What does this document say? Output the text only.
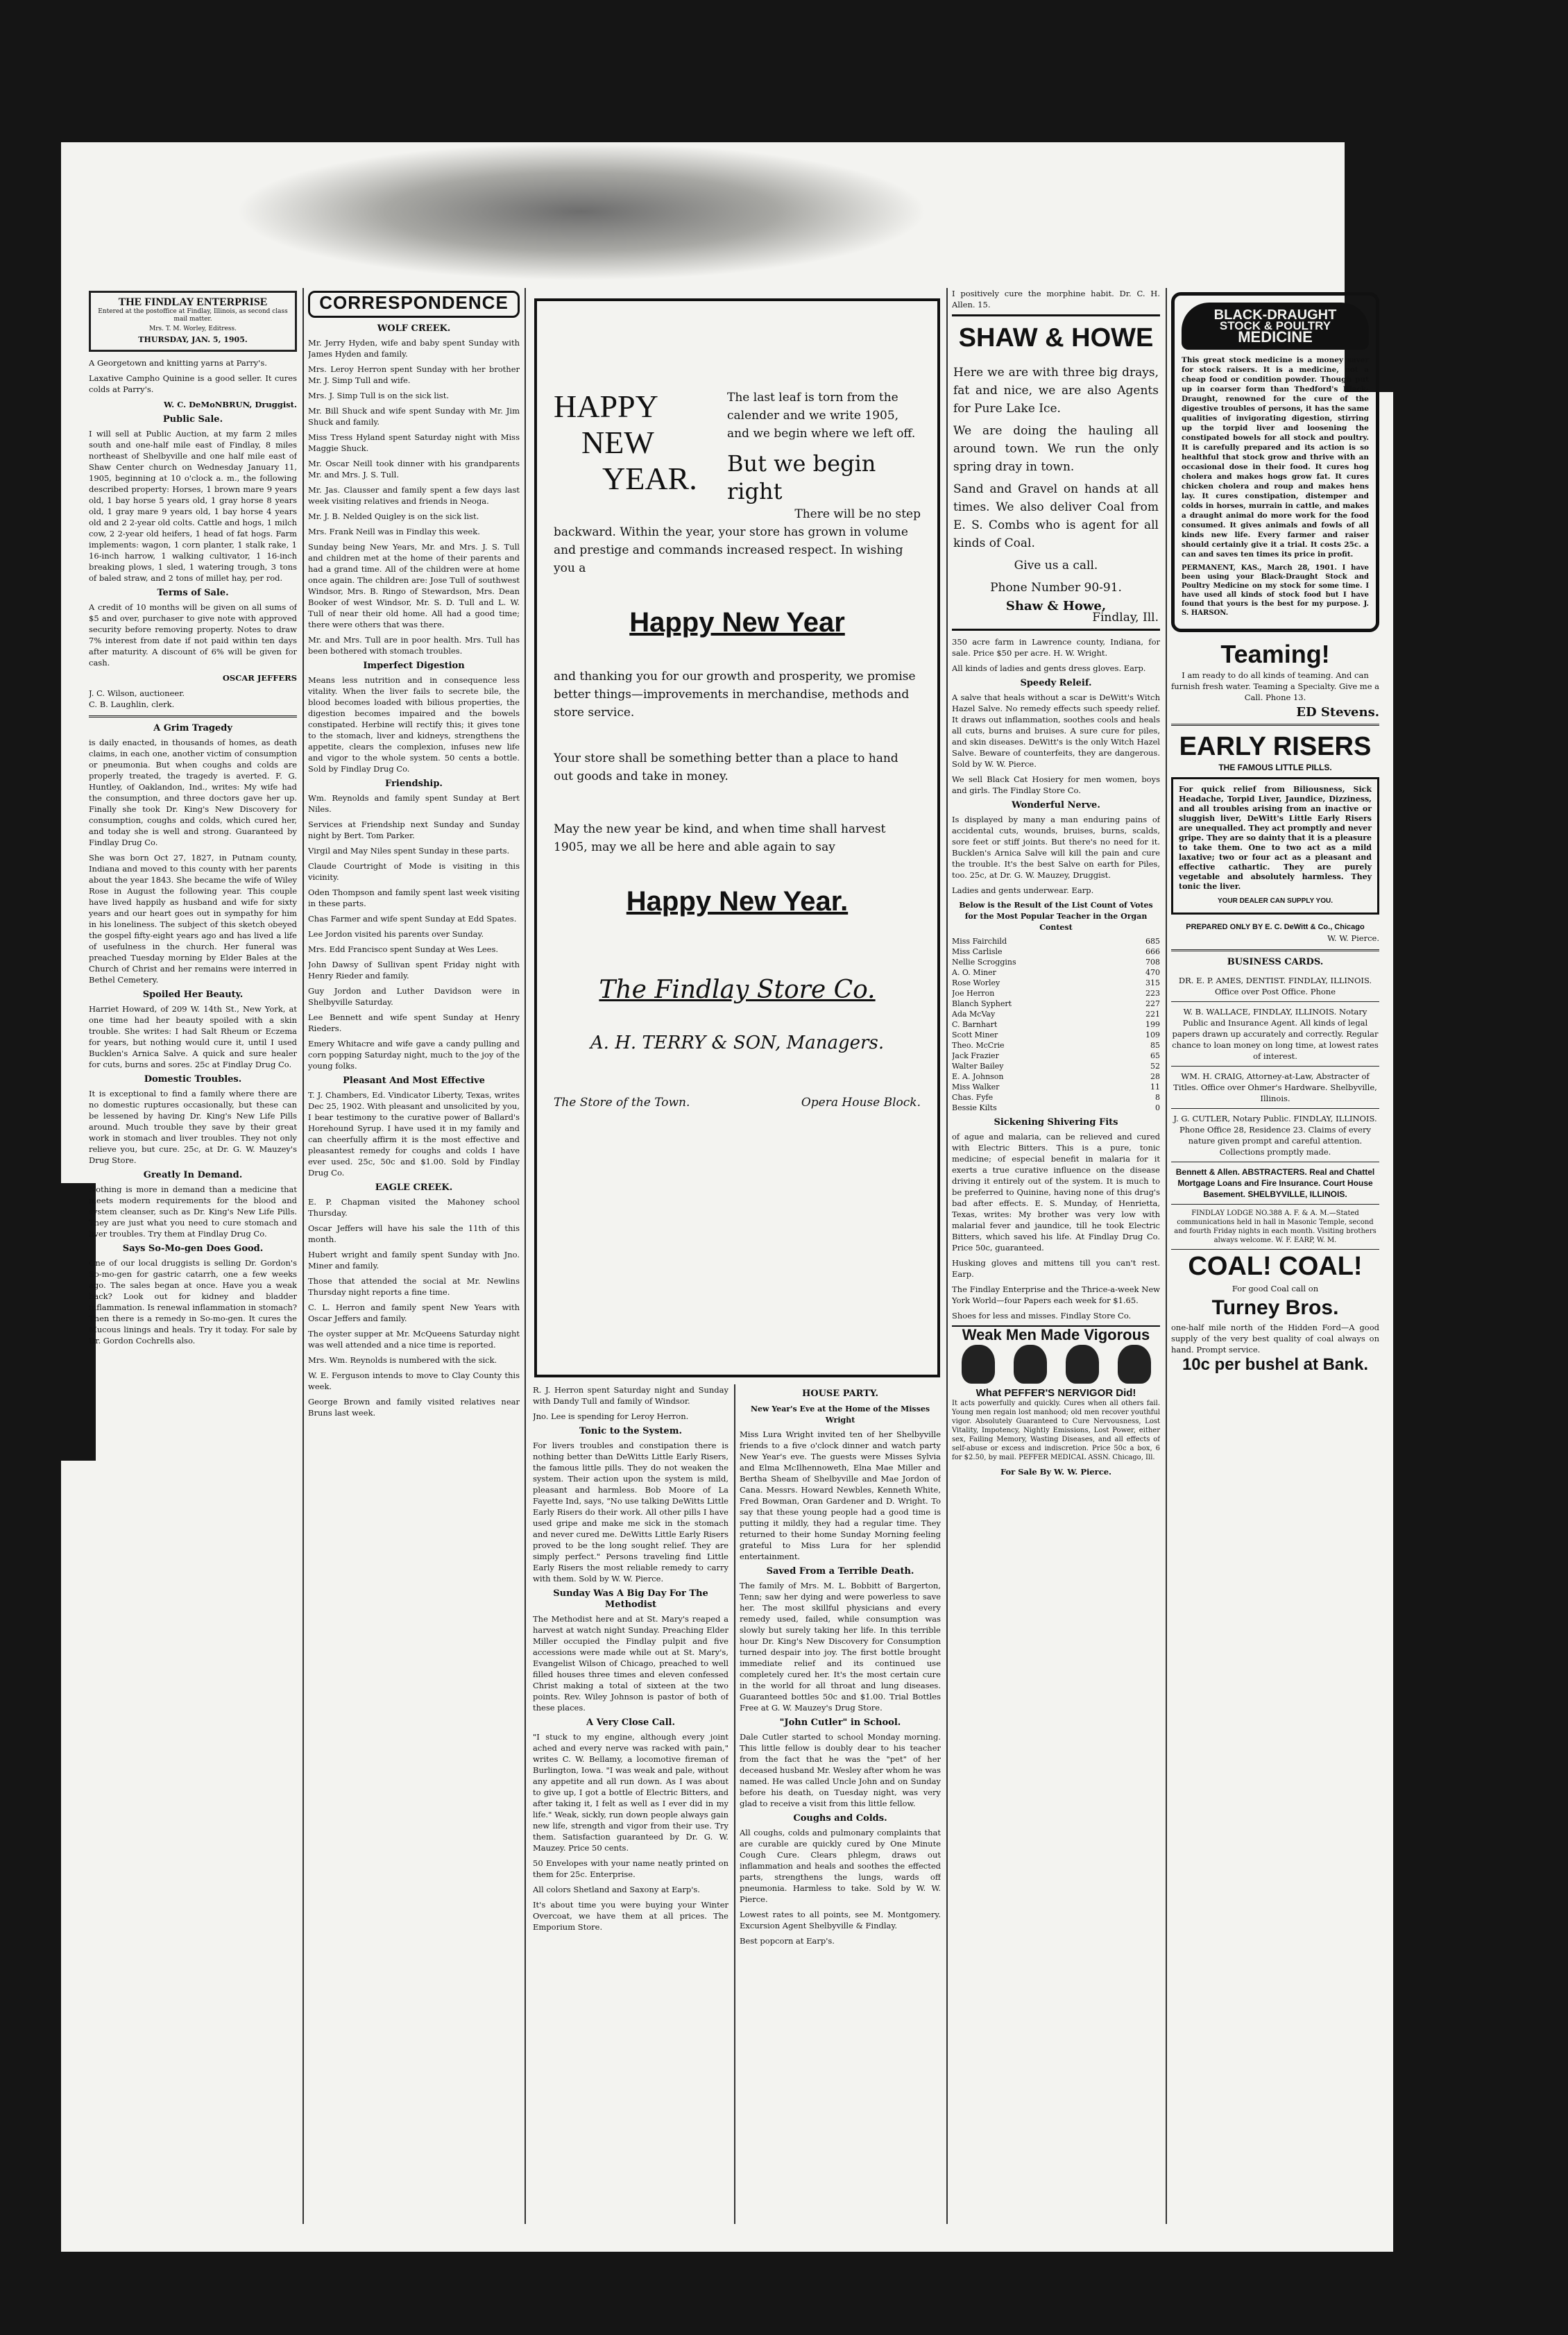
THE FINDLAY ENTERPRISE
Entered at the postoffice at Findlay, Illinois, as second class mail matter.
Mrs. T. M. Worley, Editress.
THURSDAY, JAN. 5, 1905.

A Georgetown and knitting yarns at Parry's.

Laxative Campho Quinine is a good seller. It cures colds at Parry's.

W. C. DeMoNBRUN, Druggist.

Public Sale.

I will sell at Public Auction, at my farm 2 miles south and one-half mile east of Findlay, 8 miles northeast of Shelbyville and one half mile east of Shaw Center church on Wednesday January 11, 1905, beginning at 10 o'clock a. m., the following described property: Horses, 1 brown mare 9 years old, 1 bay horse 5 years old, 1 gray horse 8 years old, 1 gray mare 9 years old, 1 bay horse 4 years old and 2 2-year old colts. Cattle and hogs, 1 milch cow, 2 2-year old heifers, 1 head of fat hogs. Farm implements: wagon, 1 corn planter, 1 stalk rake, 1 16-inch harrow, 1 walking cultivator, 1 16-inch breaking plows, 1 sled, 1 watering trough, 3 tons of baled straw, and 2 tons of millet hay, per rod.

Terms of Sale.

A credit of 10 months will be given on all sums of $5 and over, purchaser to give note with approved security before removing property. Notes to draw 7% interest from date if not paid within ten days after maturity. A discount of 6% will be given for cash.

OSCAR JEFFERS

J. C. Wilson, auctioneer.

C. B. Laughlin, clerk.

A Grim Tragedy

is daily enacted, in thousands of homes, as death claims, in each one, another victim of consumption or pneumonia. But when coughs and colds are properly treated, the tragedy is averted. F. G. Huntley, of Oaklandon, Ind., writes: My wife had the consumption, and three doctors gave her up. Finally she took Dr. King's New Discovery for consumption, coughs and colds, which cured her, and today she is well and strong. Guaranteed by Findlay Drug Co.

She was born Oct 27, 1827, in Putnam county, Indiana and moved to this county with her parents about the year 1843. She became the wife of Wiley Rose in August the following year. This couple have lived happily as husband and wife for sixty years and our heart goes out in sympathy for him in his loneliness. The subject of this sketch obeyed the gospel fifty-eight years ago and has lived a life of usefulness in the church. Her funeral was preached Tuesday morning by Elder Bales at the Church of Christ and her remains were interred in Bethel Cemetery.

Spoiled Her Beauty.

Harriet Howard, of 209 W. 14th St., New York, at one time had her beauty spoiled with a skin trouble. She writes: I had Salt Rheum or Eczema for years, but nothing would cure it, until I used Bucklen's Arnica Salve. A quick and sure healer for cuts, burns and sores. 25c at Findlay Drug Co.

Domestic Troubles.

It is exceptional to find a family where there are no domestic ruptures occasionally, but these can be lessened by having Dr. King's New Life Pills around. Much trouble they save by their great work in stomach and liver troubles. They not only relieve you, but cure. 25c, at Dr. G. W. Mauzey's Drug Store.

Greatly In Demand.

Nothing is more in demand than a medicine that meets modern requirements for the blood and system cleanser, such as Dr. King's New Life Pills. They are just what you need to cure stomach and liver troubles. Try them at Findlay Drug Co.

Says So-Mo-gen Does Good.

One of our local druggists is selling Dr. Gordon's So-mo-gen for gastric catarrh, one a few weeks ago. The sales began at once. Have you a weak back? Look out for kidney and bladder inflammation. Is renewal inflammation in stomach? Then there is a remedy in So-mo-gen. It cures the Mucous linings and heals. Try it today. For sale by Dr. Gordon Cochrells also.

CORRESPONDENCE
WOLF CREEK.

Mr. Jerry Hyden, wife and baby spent Sunday with James Hyden and family.

Mrs. Leroy Herron spent Sunday with her brother Mr. J. Simp Tull and wife.

Mrs. J. Simp Tull is on the sick list.

Mr. Bill Shuck and wife spent Sunday with Mr. Jim Shuck and family.

Miss Tress Hyland spent Saturday night with Miss Maggie Shuck.

Mr. Oscar Neill took dinner with his grandparents Mr. and Mrs. J. S. Tull.

Mr. Jas. Clausser and family spent a few days last week visiting relatives and friends in Neoga.

Mr. J. B. Nelded Quigley is on the sick list.

Mrs. Frank Neill was in Findlay this week.

Sunday being New Years, Mr. and Mrs. J. S. Tull and children met at the home of their parents and had a grand time. All of the children were at home once again. The children are: Jose Tull of southwest Windsor, Mrs. B. Ringo of Stewardson, Mrs. Dean Booker of west Windsor, Mr. S. D. Tull and L. W. Tull of near their old home. All had a good time; there were others that was there.

Mr. and Mrs. Tull are in poor health. Mrs. Tull has been bothered with stomach troubles.

Imperfect Digestion

Means less nutrition and in consequence less vitality. When the liver fails to secrete bile, the blood becomes loaded with bilious properties, the digestion becomes impaired and the bowels constipated. Herbine will rectify this; it gives tone to the stomach, liver and kidneys, strengthens the appetite, clears the complexion, infuses new life and vigor to the whole system. 50 cents a bottle. Sold by Findlay Drug Co.

Friendship.

Wm. Reynolds and family spent Sunday at Bert Niles.

Services at Friendship next Sunday and Sunday night by Bert. Tom Parker.

Virgil and May Niles spent Sunday in these parts.

Claude Courtright of Mode is visiting in this vicinity.

Oden Thompson and family spent last week visiting in these parts.

Chas Farmer and wife spent Sunday at Edd Spates.

Lee Jordon visited his parents over Sunday.

Mrs. Edd Francisco spent Sunday at Wes Lees.

John Dawsy of Sullivan spent Friday night with Henry Rieder and family.

Guy Jordon and Luther Davidson were in Shelbyville Saturday.

Lee Bennett and wife spent Sunday at Henry Rieders.

Emery Whitacre and wife gave a candy pulling and corn popping Saturday night, much to the joy of the young folks.

Pleasant And Most Effective

T. J. Chambers, Ed. Vindicator Liberty, Texas, writes Dec 25, 1902. With pleasant and unsolicited by you, I bear testimony to the curative power of Ballard's Horehound Syrup. I have used it in my family and can cheerfully affirm it is the most effective and pleasantest remedy for coughs and colds I have ever used. 25c, 50c and $1.00. Sold by Findlay Drug Co.

EAGLE CREEK.

E. P. Chapman visited the Mahoney school Thursday.

Oscar Jeffers will have his sale the 11th of this month.

Hubert wright and family spent Sunday with Jno. Miner and family.

Those that attended the social at Mr. Newlins Thursday night reports a fine time.

C. L. Herron and family spent New Years with Oscar Jeffers and family.

The oyster supper at Mr. McQueens Saturday night was well attended and a nice time is reported.

Mrs. Wm. Reynolds is numbered with the sick.

W. E. Ferguson intends to move to Clay County this week.

George Brown and family visited relatives near Bruns last week.

HAPPY
NEW
YEAR.

The last leaf is torn from the calender and we write 1905, and we begin where we left off.

But we begin right
There will be no step

backward. Within the year, your store has grown in volume and prestige and commands increased respect. In wishing you a

Happy New Year

and thanking you for our growth and prosperity, we promise better things—improvements in merchandise, methods and store service.

Your store shall be something better than a place to hand out goods and take in money.

May the new year be kind, and when time shall harvest 1905, may we all be here and able again to say

Happy New Year.
The Findlay Store Co.
A. H. TERRY & SON, Managers.
The Store of the Town.	Opera House Block.

R. J. Herron spent Saturday night and Sunday with Dandy Tull and family of Windsor.

Jno. Lee is spending for Leroy Herron.

Tonic to the System.

For livers troubles and constipation there is nothing better than DeWitts Little Early Risers, the famous little pills. They do not weaken the system. Their action upon the system is mild, pleasant and harmless. Bob Moore of La Fayette Ind, says, "No use talking DeWitts Little Early Risers do their work. All other pills I have used gripe and make me sick in the stomach and never cured me. DeWitts Little Early Risers proved to be the long sought relief. They are simply perfect." Persons traveling find Little Early Risers the most reliable remedy to carry with them. Sold by W. W. Pierce.

Sunday Was A Big Day For The Methodist

The Methodist here and at St. Mary's reaped a harvest at watch night Sunday. Preaching Elder Miller occupied the Findlay pulpit and five accessions were made while out at St. Mary's, Evangelist Wilson of Chicago, preached to well filled houses three times and eleven confessed Christ making a total of sixteen at the two points. Rev. Wiley Johnson is pastor of both of these places.

A Very Close Call.

"I stuck to my engine, although every joint ached and every nerve was racked with pain," writes C. W. Bellamy, a locomotive fireman of Burlington, Iowa. "I was weak and pale, without any appetite and all run down. As I was about to give up, I got a bottle of Electric Bitters, and after taking it, I felt as well as I ever did in my life." Weak, sickly, run down people always gain new life, strength and vigor from their use. Try them. Satisfaction guaranteed by Dr. G. W. Mauzey. Price 50 cents.

50 Envelopes with your name neatly printed on them for 25c. Enterprise.

All colors Shetland and Saxony at Earp's.

It's about time you were buying your Winter Overcoat, we have them at all prices. The Emporium Store.

HOUSE PARTY.
New Year's Eve at the Home of the Misses Wright

Miss Lura Wright invited ten of her Shelbyville friends to a five o'clock dinner and watch party New Year's eve. The guests were Misses Sylvia and Elma McIlhennoweth, Elna Mae Miller and Bertha Sheam of Shelbyville and Mae Jordon of Cana. Messrs. Howard Newbles, Kenneth White, Fred Bowman, Oran Gardener and D. Wright. To say that these young people had a good time is putting it mildly, they had a regular time. They returned to their home Sunday Morning feeling grateful to Miss Lura for her splendid entertainment.

Saved From a Terrible Death.

The family of Mrs. M. L. Bobbitt of Bargerton, Tenn; saw her dying and were powerless to save her. The most skillful physicians and every remedy used, failed, while consumption was slowly but surely taking her life. In this terrible hour Dr. King's New Discovery for Consumption turned despair into joy. The first bottle brought immediate relief and its continued use completely cured her. It's the most certain cure in the world for all throat and lung diseases. Guaranteed bottles 50c and $1.00. Trial Bottles Free at G. W. Mauzey's Drug Store.

"John Cutler" in School.

Dale Cutler started to school Monday morning. This little fellow is doubly dear to his teacher from the fact that he was the "pet" of her deceased husband Mr. Wesley after whom he was named. He was called Uncle John and on Sunday before his death, on Tuesday night, was very glad to receive a visit from this little fellow.

Coughs and Colds.

All coughs, colds and pulmonary complaints that are curable are quickly cured by One Minute Cough Cure. Clears phlegm, draws out inflammation and heals and soothes the effected parts, strengthens the lungs, wards off pneumonia. Harmless to take. Sold by W. W. Pierce.

Lowest rates to all points, see M. Montgomery. Excursion Agent Shelbyville & Findlay.

Best popcorn at Earp's.

I positively cure the morphine habit. Dr. C. H. Allen. 15.

SHAW & HOWE

Here we are with three big drays, fat and nice, we are also Agents for Pure Lake Ice.

We are doing the hauling all around town. We run the only spring dray in town.

Sand and Gravel on hands at all times. We also deliver Coal from E. S. Combs who is agent for all kinds of Coal.

Give us a call.

Phone Number 90-91.

Shaw & Howe,
Findlay, Ill.

350 acre farm in Lawrence county, Indiana, for sale. Price $50 per acre. H. W. Wright.

All kinds of ladies and gents dress gloves. Earp.

Speedy Releif.

A salve that heals without a scar is DeWitt's Witch Hazel Salve. No remedy effects such speedy relief. It draws out inflammation, soothes cools and heals all cuts, burns and bruises. A sure cure for piles, and skin diseases. DeWitt's is the only Witch Hazel Salve. Beware of counterfeits, they are dangerous. Sold by W. W. Pierce.

We sell Black Cat Hosiery for men women, boys and girls. The Findlay Store Co.

Wonderful Nerve.

Is displayed by many a man enduring pains of accidental cuts, wounds, bruises, burns, scalds, sore feet or stiff joints. But there's no need for it. Bucklen's Arnica Salve will kill the pain and cure the trouble. It's the best Salve on earth for Piles, too. 25c, at Dr. G. W. Mauzey, Druggist.

Ladies and gents underwear. Earp.

Below is the Result of the List Count of Votes for the Most Popular Teacher in the Organ Contest
Miss Fairchild	685
Miss Carlisle	666
Nellie Scroggins	708
A. O. Miner	470
Rose Worley	315
Joe Herron	223
Blanch Syphert	227
Ada McVay	221
C. Barnhart	199
Scott Miner	109
Theo. McCrie	85
Jack Frazier	65
Walter Bailey	52
E. A. Johnson	28
Miss Walker	11
Chas. Fyfe	8
Bessie Kilts	0
Sickening Shivering Fits

of ague and malaria, can be relieved and cured with Electric Bitters. This is a pure, tonic medicine; of especial benefit in malaria for it exerts a true curative influence on the disease driving it entirely out of the system. It is much to be preferred to Quinine, having none of this drug's bad after effects. E. S. Munday, of Henrietta, Texas, writes: My brother was very low with malarial fever and jaundice, till he took Electric Bitters, which saved his life. At Findlay Drug Co. Price 50c, guaranteed.

Husking gloves and mittens till you can't rest. Earp.

The Findlay Enterprise and the Thrice-a-week New York World—four Papers each week for $1.65.

Shoes for less and misses. Findlay Store Co.

Weak Men Made Vigorous
What PEFFER'S NERVIGOR Did!

It acts powerfully and quickly. Cures when all others fail. Young men regain lost manhood; old men recover youthful vigor. Absolutely Guaranteed to Cure Nervousness, Lost Vitality, Impotency, Nightly Emissions, Lost Power, either sex, Failing Memory, Wasting Diseases, and all effects of self-abuse or excess and indiscretion. Price 50c a box, 6 for $2.50, by mail. PEFFER MEDICAL ASSN. Chicago, Ill.

For Sale By W. W. Pierce.
BLACK-DRAUGHT
STOCK & POULTRY
MEDICINE

This great stock medicine is a money saver for stock raisers. It is a medicine, not a cheap food or condition powder. Though put up in coarser form than Thedford's Black-Draught, renowned for the cure of the digestive troubles of persons, it has the same qualities of invigorating digestion, stirring up the torpid liver and loosening the constipated bowels for all stock and poultry. It is carefully prepared and its action is so healthful that stock grow and thrive with an occasional dose in their food. It cures hog cholera and makes hogs grow fat. It cures chicken cholera and roup and makes hens lay. It cures constipation, distemper and colds in horses, murrain in cattle, and makes a draught animal do more work for the food consumed. It gives animals and fowls of all kinds new life. Every farmer and raiser should certainly give it a trial. It costs 25c. a can and saves ten times its price in profit.

PERMANENT, KAS., March 28, 1901. I have been using your Black-Draught Stock and Poultry Medicine on my stock for some time. I have used all kinds of stock food but I have found that yours is the best for my purpose. J. S. HARSON.

Teaming!

I am ready to do all kinds of teaming. And can furnish fresh water. Teaming a Specialty. Give me a Call. Phone 13.

ED Stevens.
EARLY RISERS
THE FAMOUS LITTLE PILLS.

For quick relief from Biliousness, Sick Headache, Torpid Liver, Jaundice, Dizziness, and all troubles arising from an inactive or sluggish liver, DeWitt's Little Early Risers are unequalled. They act promptly and never gripe. They are so dainty that it is a pleasure to take them. One to two act as a mild laxative; two or four act as a pleasant and effective cathartic. They are purely vegetable and absolutely harmless. They tonic the liver.

YOUR DEALER CAN SUPPLY YOU.
PREPARED ONLY BY E. C. DeWitt & Co., Chicago
W. W. Pierce.
BUSINESS CARDS.
DR. E. P. AMES, DENTIST. FINDLAY, ILLINOIS. Office over Post Office. Phone
W. B. WALLACE, FINDLAY, ILLINOIS. Notary Public and Insurance Agent. All kinds of legal papers drawn up accurately and correctly. Regular chance to loan money on long time, at lowest rates of interest.
WM. H. CRAIG, Attorney-at-Law, Abstracter of Titles. Office over Ohmer's Hardware. Shelbyville, Illinois.
J. G. CUTLER, Notary Public. FINDLAY, ILLINOIS. Phone Office 28, Residence 23. Claims of every nature given prompt and careful attention. Collections promptly made.
Bennett & Allen. ABSTRACTERS. Real and Chattel Mortgage Loans and Fire Insurance. Court House Basement. SHELBYVILLE, ILLINOIS.
FINDLAY LODGE NO.388 A. F. & A. M.—Stated communications held in hall in Masonic Temple, second and fourth Friday nights in each month. Visiting brothers always welcome. W. F. EARP, W. M.
COAL! COAL!
For good Coal call on
Turney Bros.

one-half mile north of the Hidden Ford—A good supply of the very best quality of coal always on hand. Prompt service.

10c per bushel at Bank.
